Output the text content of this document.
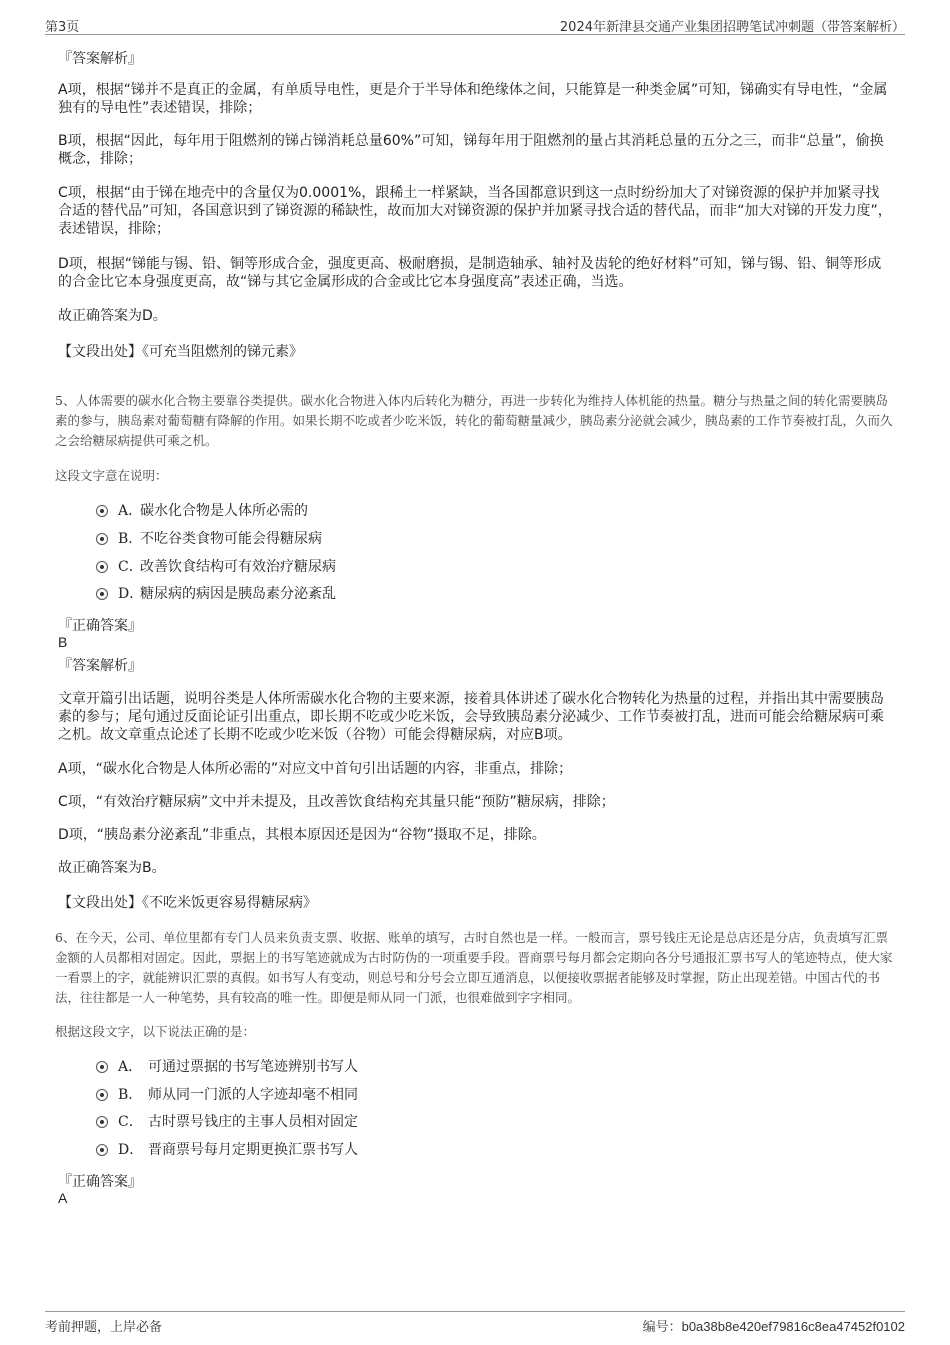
第3页	2024年新津县交通产业集团招聘笔试冲刺题（带答案解析）
『答案解析』
A项，根据“锑并不是真正的金属，有单质导电性，更是介于半导体和绝缘体之间，只能算是一种类金属”可知，锑确实有导电性，“金属独有的导电性”表述错误，排除；
B项，根据“因此，每年用于阻燃剂的锑占锑消耗总量60%”可知，锑每年用于阻燃剂的量占其消耗总量的五分之三，而非“总量”，偷换概念，排除；
C项，根据“由于锑在地壳中的含量仅为0.0001%，跟稀土一样紧缺，当各国都意识到这一点时纷纷加大了对锑资源的保护并加紧寻找合适的替代品”可知，各国意识到了锑资源的稀缺性，故而加大对锑资源的保护并加紧寻找合适的替代品，而非“加大对锑的开发力度”，表述错误，排除；
D项，根据“锑能与锡、铅、铜等形成合金，强度更高、极耐磨损，是制造轴承、轴衬及齿轮的绝好材料”可知，锑与锡、铅、铜等形成的合金比它本身强度更高，故“锑与其它金属形成的合金或比它本身强度高”表述正确，当选。
故正确答案为D。
【文段出处】《可充当阻燃剂的锑元素》
5、人体需要的碳水化合物主要靠谷类提供。碳水化合物进入体内后转化为糖分，再进一步转化为维持人体机能的热量。糖分与热量之间的转化需要胰岛素的参与，胰岛素对葡萄糖有降解的作用。如果长期不吃或者少吃米饭，转化的葡萄糖量减少，胰岛素分泌就会减少，胰岛素的工作节奏被打乱，久而久之会给糖尿病提供可乘之机。
这段文字意在说明：
A．
碳水化合物是人体所必需的
B．
不吃谷类食物可能会得糖尿病
C．
改善饮食结构可有效治疗糖尿病
D．
糖尿病的病因是胰岛素分泌紊乱
『正确答案』
B
『答案解析』
文章开篇引出话题，说明谷类是人体所需碳水化合物的主要来源，接着具体讲述了碳水化合物转化为热量的过程，并指出其中需要胰岛素的参与；尾句通过反面论证引出重点，即长期不吃或少吃米饭，会导致胰岛素分泌减少、工作节奏被打乱，进而可能会给糖尿病可乘之机。故文章重点论述了长期不吃或少吃米饭（谷物）可能会得糖尿病，对应B项。
A项，“碳水化合物是人体所必需的”对应文中首句引出话题的内容，非重点，排除；
C项，“有效治疗糖尿病”文中并未提及，且改善饮食结构充其量只能“预防”糖尿病，排除；
D项，“胰岛素分泌紊乱”非重点，其根本原因还是因为“谷物”摄取不足，排除。
故正确答案为B。
【文段出处】《不吃米饭更容易得糖尿病》
6、在今天，公司、单位里都有专门人员来负责支票、收据、账单的填写，古时自然也是一样。一般而言，票号钱庄无论是总店还是分店，负责填写汇票金额的人员都相对固定。因此，票据上的书写笔迹就成为古时防伪的一项重要手段。晋商票号每月都会定期向各分号通报汇票书写人的笔迹特点，使大家一看票上的字，就能辨识汇票的真假。如书写人有变动，则总号和分号会立即互通消息，以便接收票据者能够及时掌握，防止出现差错。中国古代的书法，往往都是一人一种笔势，具有较高的唯一性。即便是师从同一门派，也很难做到字字相同。
根据这段文字，以下说法正确的是：
A． 可通过票据的书写笔迹辨别书写人
B． 师从同一门派的人字迹却毫不相同
C． 古时票号钱庄的主事人员相对固定
D． 晋商票号每月定期更换汇票书写人
『正确答案』
A
考前押题，上岸必备	编号：b0a38b8e420ef79816c8ea47452f0102
